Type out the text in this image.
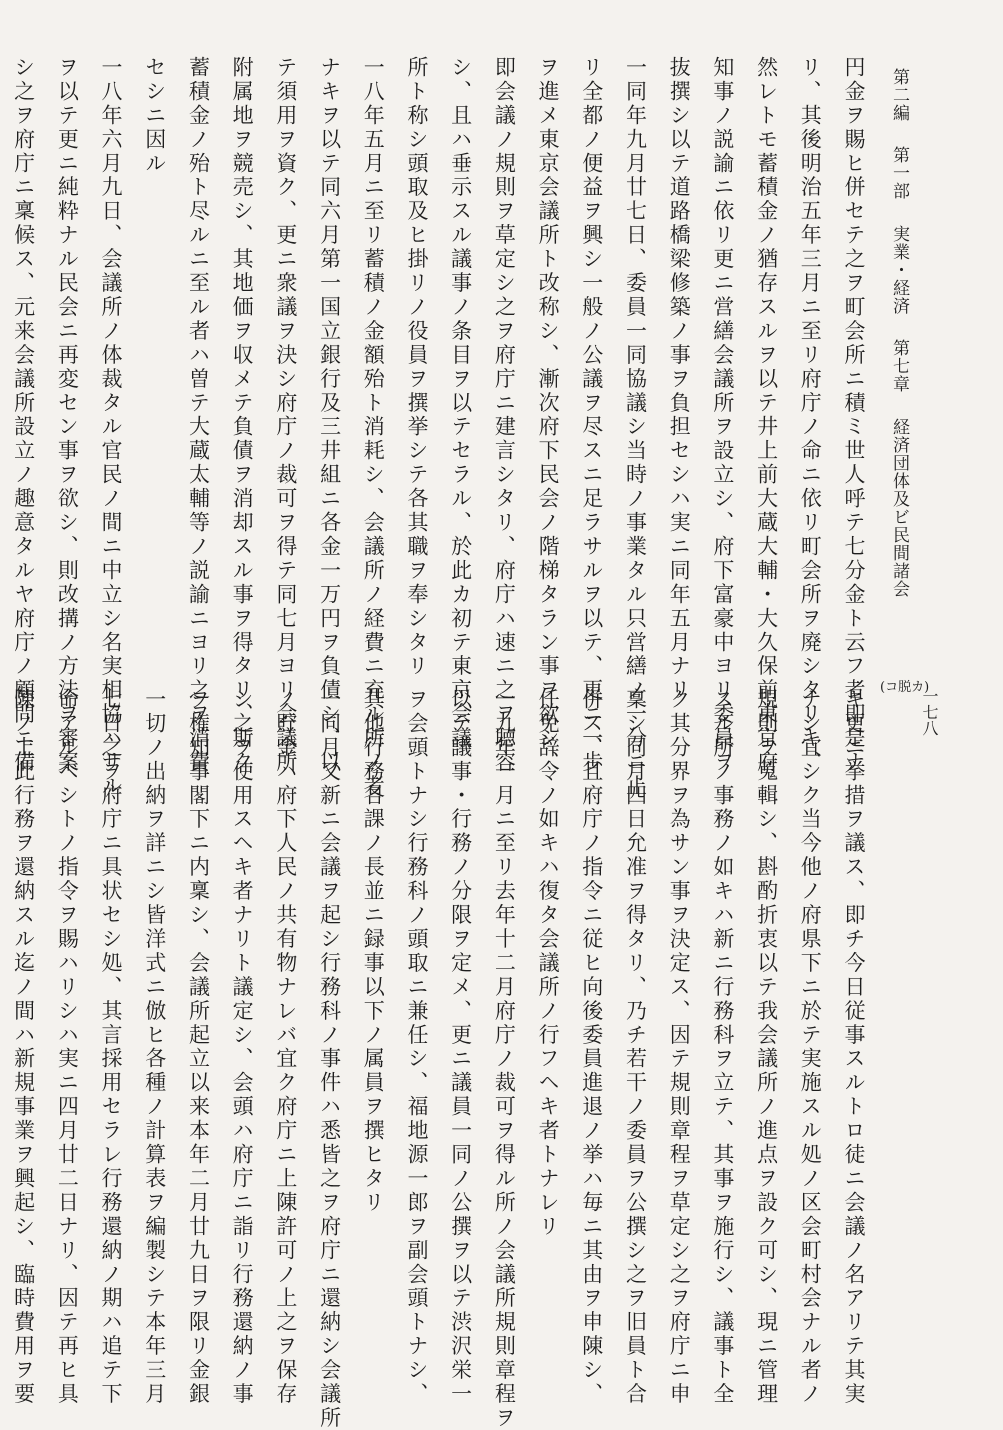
第二編 第一部 実業・経済 第七章 経済団体及ビ民間諸会
一七八
(コ脱カ)
円金ヲ賜ヒ併セテ之ヲ町会所ニ積ミ世人呼テ七分金ト云フ者即是ナ
リ、其後明治五年三月ニ至リ府庁ノ命ニ依リ町会所ヲ廃シタリキ、
然レトモ蓄積金ノ猶存スルヲ以テ井上前大蔵大輔・大久保前東京府
知事ノ説諭ニ依リ更ニ営繕会議所ヲ設立シ、府下富豪中ヨリ委員ヲ
抜撰シ以テ道路橋梁修築ノ事ヲ負担セシハ実ニ同年五月ナリ
一同年九月廿七日、委員一同協議シ当時ノ事業タル只営繕ノ一分ニ止
リ全都ノ便益ヲ興シ一般ノ公議ヲ尽スニ足ラサルヲ以テ、更ニ一歩
ヲ進メ東京会議所ト改称シ、漸次府下民会ノ階梯タラン事ヲ欲シ、
即会議ノ規則ヲ草定シ之ヲ府庁ニ建言シタリ、府庁ハ速ニ之ヲ聴容
シ、且ハ垂示スル議事ノ条目ヲ以テセラル、於此カ初テ東京会議
所ト称シ頭取及ヒ掛リノ役員ヲ撰挙シテ各其職ヲ奉シタリ
一八年五月ニ至リ蓄積ノ金額殆ト消耗シ、会議所ノ経費ニ充ル所ノ者
ナキヲ以テ同六月第一国立銀行及三井組ニ各金一万円ヲ負債シ、以
テ須用ヲ資ク、更ニ衆議ヲ決シ府庁ノ裁可ヲ得テ同七月ヨリ会議所
附属地ヲ競売シ、其地価ヲ収メテ負債ヲ消却スル事ヲ得タリ、斯ク
蓄積金ノ殆ト尽ルニ至ル者ハ曽テ大蔵太輔等ノ説諭ニヨリ之ヲ消費
セシニ因ル
一八年六月九日、会議所ノ体裁タル官民ノ間ニ中立シ名実相協ハサル
ヲ以テ更ニ純粋ナル民会ニ再変セン事ヲ欲シ、則改搆ノ方法ヲ審案
シ之ヲ府庁ニ稟候ス、元来会議所設立ノ趣意タルヤ府庁ノ顧問ニ備
キ更ニ挙措ヲ議ス、即チ今日従事スルトロ徒ニ会議ノ名アリテ其実
ナシ宜シク当今他ノ府県下ニ於テ実施スル処ノ区会町村会ナル者ノ
規則ヲ蒐輯シ、斟酌折衷以テ我会議所ノ進点ヲ設ク可シ、現ニ管理
スル所ノ事務ノ如キハ新ニ行務科ヲ立テ、其事ヲ施行シ、議事ト全
ク其分界ヲ為サン事ヲ決定ス、因テ規則章程ヲ草定シ之ヲ府庁ニ申
稟シ同月四日允准ヲ得タリ、乃チ若干ノ委員ヲ公撰シ之ヲ旧員ト合
併ス、且府庁ノ指令ニ従ヒ向後委員進退ノ挙ハ毎ニ其由ヲ申陳シ、
任免辞令ノ如キハ復タ会議所ノ行フヘキ者トナレリ
一九年一月ニ至リ去年十二月府庁ノ裁可ヲ得ル所ノ会議所規則章程ヲ
以テ議事・行務ノ分限ヲ定メ、更ニ議員一同ノ公撰ヲ以テ渋沢栄一
ヲ会頭トナシ行務科ノ頭取ニ兼任シ、福地源一郎ヲ副会頭トナシ、
其他行務各課ノ長並ニ録事以下ノ属員ヲ撰ヒタリ
一同月又新ニ会議ヲ起シ行務科ノ事件ハ悉皆之ヲ府庁ニ還納シ会議所
ノ貯金ハ府下人民ノ共有物ナレバ宜ク府庁ニ上陳許可ノ上之ヲ保存
シ之ヲ使用スヘキ者ナリト議定シ、会頭ハ府庁ニ詣リ行務還納ノ事
ヲ権知事閣下ニ内稟シ、会議所起立以来本年二月廿九日ヲ限リ金銀
一切ノ出納ヲ詳ニシ皆洋式ニ倣ヒ各種ノ計算表ヲ編製シテ本年三月
七日之ヲ府庁ニ具状セシ処、其言採用セラレ行務還納ノ期ハ追テ下
命アルベシトノ指令ヲ賜ハリシハ実ニ四月廿二日ナリ、因テ再ヒ具
陳ノ上此行務ヲ還納スル迄ノ間ハ新規事業ヲ興起シ、臨時費用ヲ要
